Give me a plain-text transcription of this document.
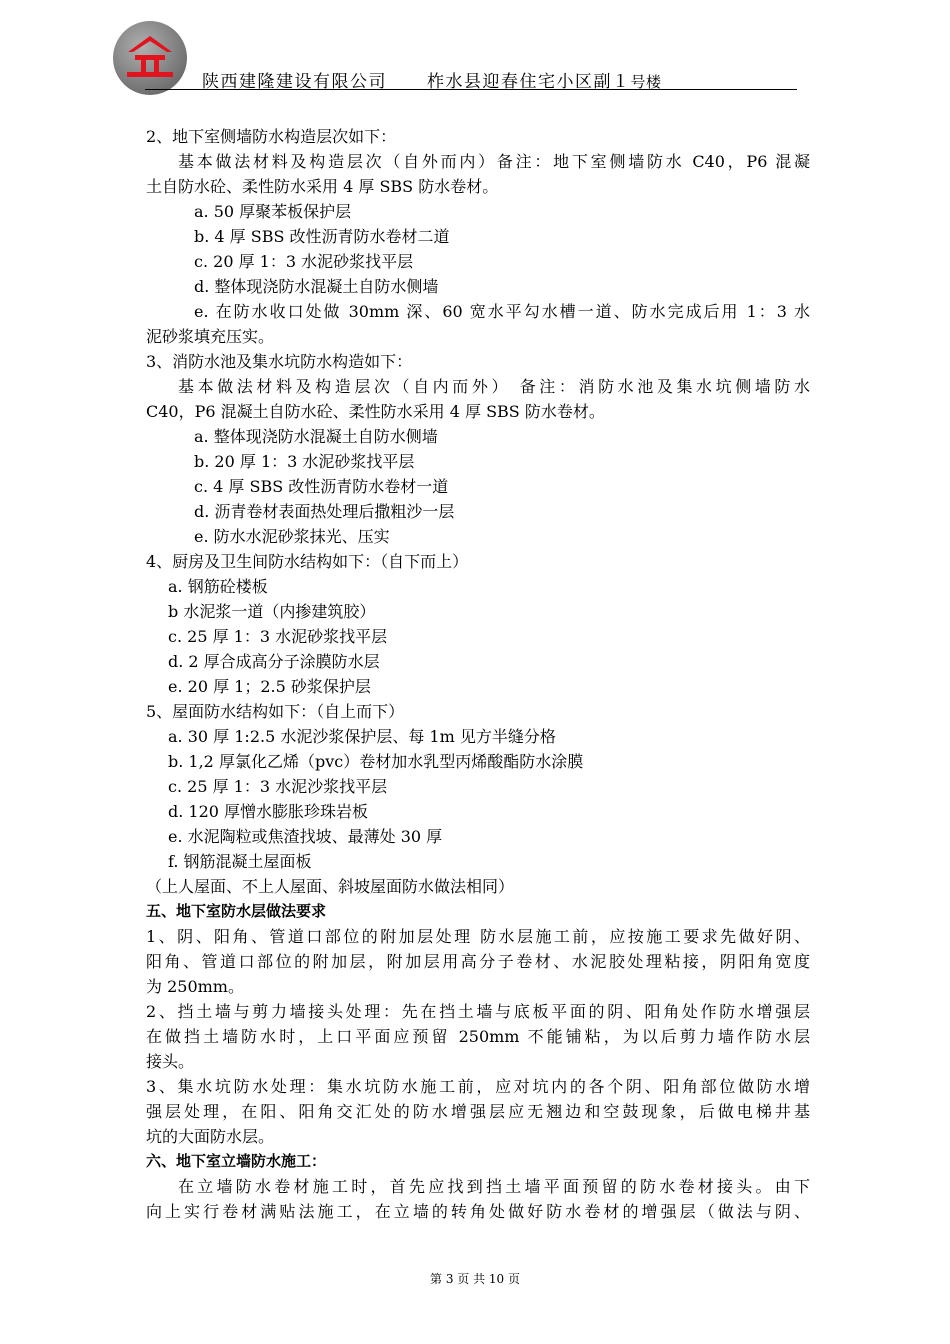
陕西建隆建设有限公司 柞水县迎春住宅小区副１号楼
2、地下室侧墙防水构造层次如下：
基本做法材料及构造层次（自外而内）备注：地下室侧墙防水 C40，P6 混凝
土自防水砼、柔性防水采用 4 厚 SBS 防水卷材。
a. 50 厚聚苯板保护层
b. 4 厚 SBS 改性沥青防水卷材二道
c. 20 厚 1：3 水泥砂浆找平层
d. 整体现浇防水混凝土自防水侧墙
e. 在防水收口处做 30mm 深、60 宽水平勾水槽一道、防水完成后用 1：3 水
泥砂浆填充压实。
3、消防水池及集水坑防水构造如下：
基本做法材料及构造层次（自内而外） 备注：消防水池及集水坑侧墙防水
C40，P6 混凝土自防水砼、柔性防水采用 4 厚 SBS 防水卷材。
a. 整体现浇防水混凝土自防水侧墙
b. 20 厚 1：3 水泥砂浆找平层
c. 4 厚 SBS 改性沥青防水卷材一道
d. 沥青卷材表面热处理后撒粗沙一层
e. 防水水泥砂浆抹光、压实
4、厨房及卫生间防水结构如下：（自下而上）
a. 钢筋砼楼板
b 水泥浆一道（内掺建筑胶）
c. 25 厚 1：3 水泥砂浆找平层
d. 2 厚合成高分子涂膜防水层
e. 20 厚 1；2.5 砂浆保护层
5、屋面防水结构如下：（自上而下）
a. 30 厚 1:2.5 水泥沙浆保护层、每 1m 见方半缝分格
b. 1,2 厚氯化乙烯（pvc）卷材加水乳型丙烯酸酯防水涂膜
c. 25 厚 1：3 水泥沙浆找平层
d. 120 厚憎水膨胀珍珠岩板
e. 水泥陶粒或焦渣找坡、最薄处 30 厚
f. 钢筋混凝土屋面板
（上人屋面、不上人屋面、斜坡屋面防水做法相同）
五、地下室防水层做法要求
1、阴、阳角、管道口部位的附加层处理 防水层施工前，应按施工要求先做好阴、
阳角、管道口部位的附加层，附加层用高分子卷材、水泥胶处理粘接，阴阳角宽度
为 250mm。
2、挡土墙与剪力墙接头处理：先在挡土墙与底板平面的阴、阳角处作防水增强层
在做挡土墙防水时，上口平面应预留 250mm 不能铺粘，为以后剪力墙作防水层
接头。
3、集水坑防水处理：集水坑防水施工前，应对坑内的各个阴、阳角部位做防水增
强层处理，在阳、阳角交汇处的防水增强层应无翘边和空鼓现象，后做电梯井基
坑的大面防水层。
六、地下室立墙防水施工：
在立墙防水卷材施工时，首先应找到挡土墙平面预留的防水卷材接头。由下
向上实行卷材满贴法施工，在立墙的转角处做好防水卷材的增强层（做法与阴、
第 3 页 共 10 页
